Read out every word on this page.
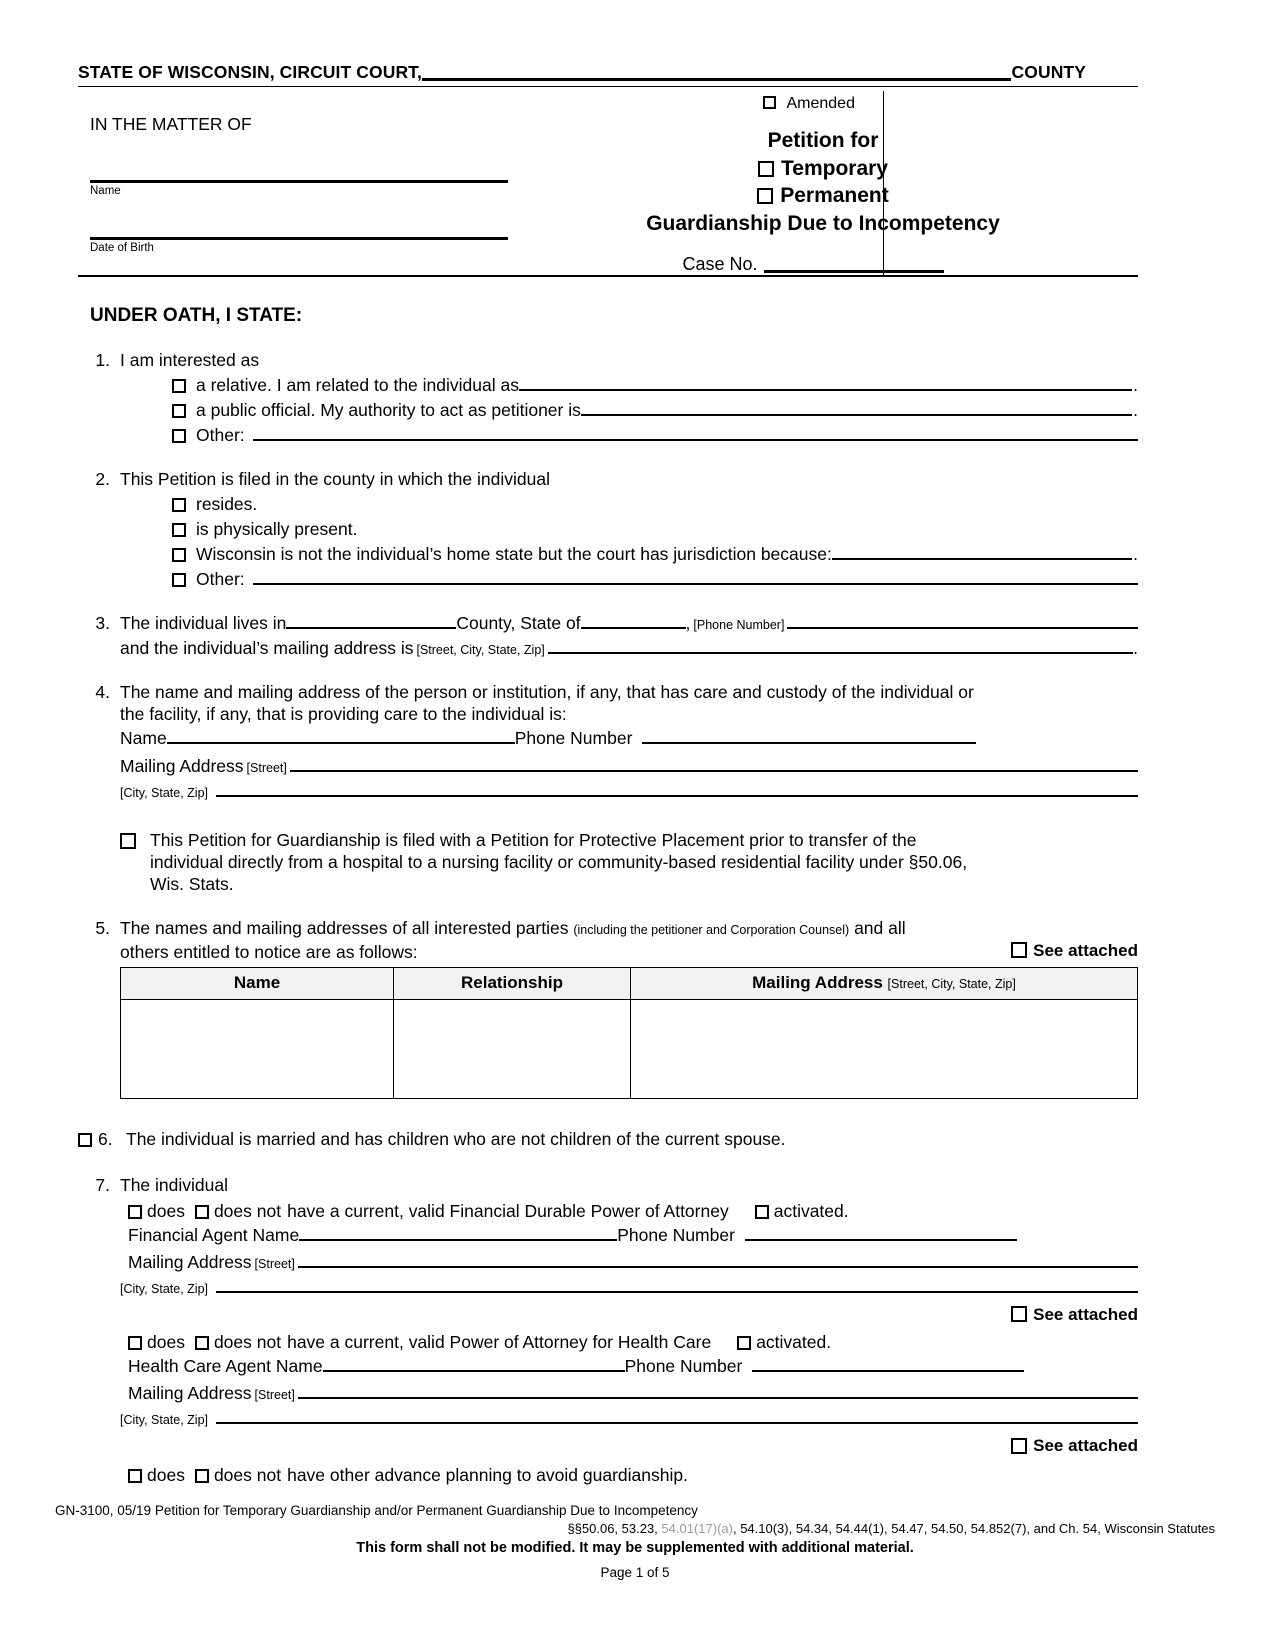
STATE OF WISCONSIN, CIRCUIT COURT,	COUNTY
IN THE MATTER OF
Name
Date of Birth
Amended
Petition for
Temporary
Permanent
Guardianship Due to Incompetency
Case No.
UNDER OATH, I STATE:
1. I am interested as
a relative. I am related to the individual as	.
a public official. My authority to act as petitioner is	.
Other:
2. This Petition is filed in the county in which the individual
resides.
is physically present.
Wisconsin is not the individual’s home state but the court has jurisdiction because:	.
Other:
3. The individual lives in	County, State of	, [Phone Number]
and the individual’s mailing address is [Street, City, State, Zip]	.
4. The name and mailing address of the person or institution, if any, that has care and custody of the individual or
the facility, if any, that is providing care to the individual is:
Name	Phone Number
Mailing Address [Street]
[City, State, Zip]
This Petition for Guardianship is filed with a Petition for Protective Placement prior to transfer of the
individual directly from a hospital to a nursing facility or community-based residential facility under §50.06,
Wis. Stats.
5. The names and mailing addresses of all interested parties (including the petitioner and Corporation Counsel) and all
others entitled to notice are as follows:	See attached
Name	Relationship	Mailing Address [Street, City, State, Zip]

6. The individual is married and has children who are not children of the current spouse.
7. The individual
does does not have a current, valid Financial Durable Power of Attorney	activated.
Financial Agent Name	Phone Number
Mailing Address [Street]
[City, State, Zip]
See attached
does does not have a current, valid Power of Attorney for Health Care	activated.
Health Care Agent Name	Phone Number
Mailing Address [Street]
[City, State, Zip]
See attached
does does not have other advance planning to avoid guardianship.
GN-3100, 05/19 Petition for Temporary Guardianship and/or Permanent Guardianship Due to Incompetency
§§50.06, 53.23, 54.01(17)(a), 54.10(3), 54.34, 54.44(1), 54.47, 54.50, 54.852(7), and Ch. 54, Wisconsin Statutes
This form shall not be modified. It may be supplemented with additional material.
Page 1 of 5
